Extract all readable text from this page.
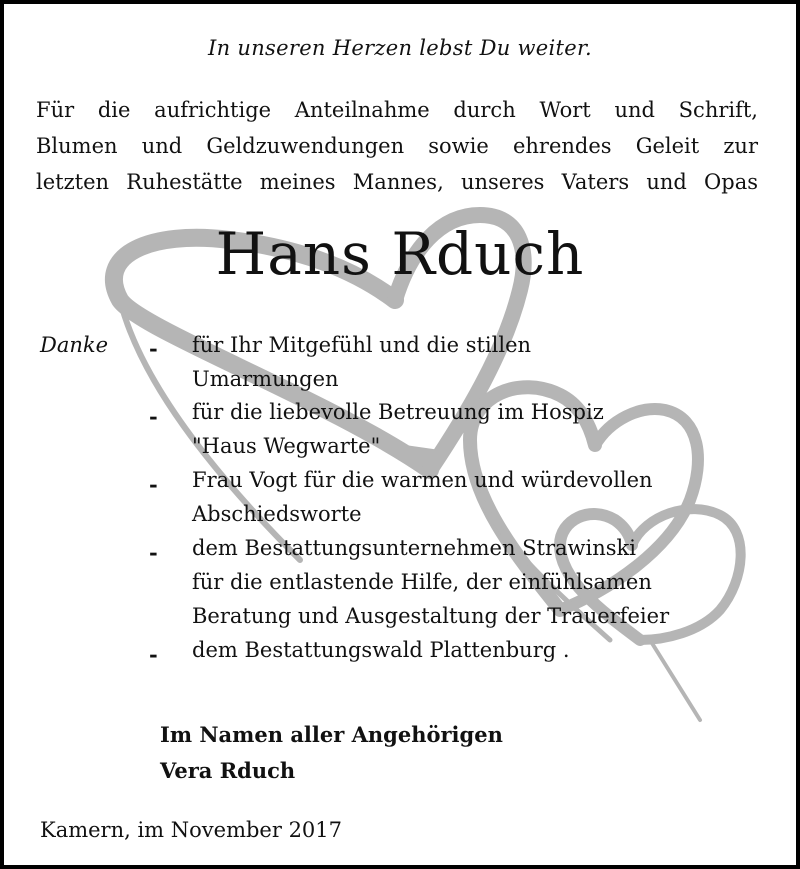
In unseren Herzen lebst Du weiter.
Für die aufrichtige Anteilnahme durch Wort und Schrift,
Blumen und Geldzuwendungen sowie ehrendes Geleit zur
letzten Ruhestätte meines Mannes, unseres Vaters und Opas
Hans Rduch
Danke - für Ihr Mitgefühl und die stillen
Umarmungen
- für die liebevolle Betreuung im Hospiz
"Haus Wegwarte"
- Frau Vogt für die warmen und würdevollen
Abschiedsworte
- dem Bestattungsunternehmen Strawinski
für die entlastende Hilfe, der einfühlsamen
Beratung und Ausgestaltung der Trauerfeier
- dem Bestattungswald Plattenburg .
Im Namen aller Angehörigen
Vera Rduch
Kamern, im November 2017
